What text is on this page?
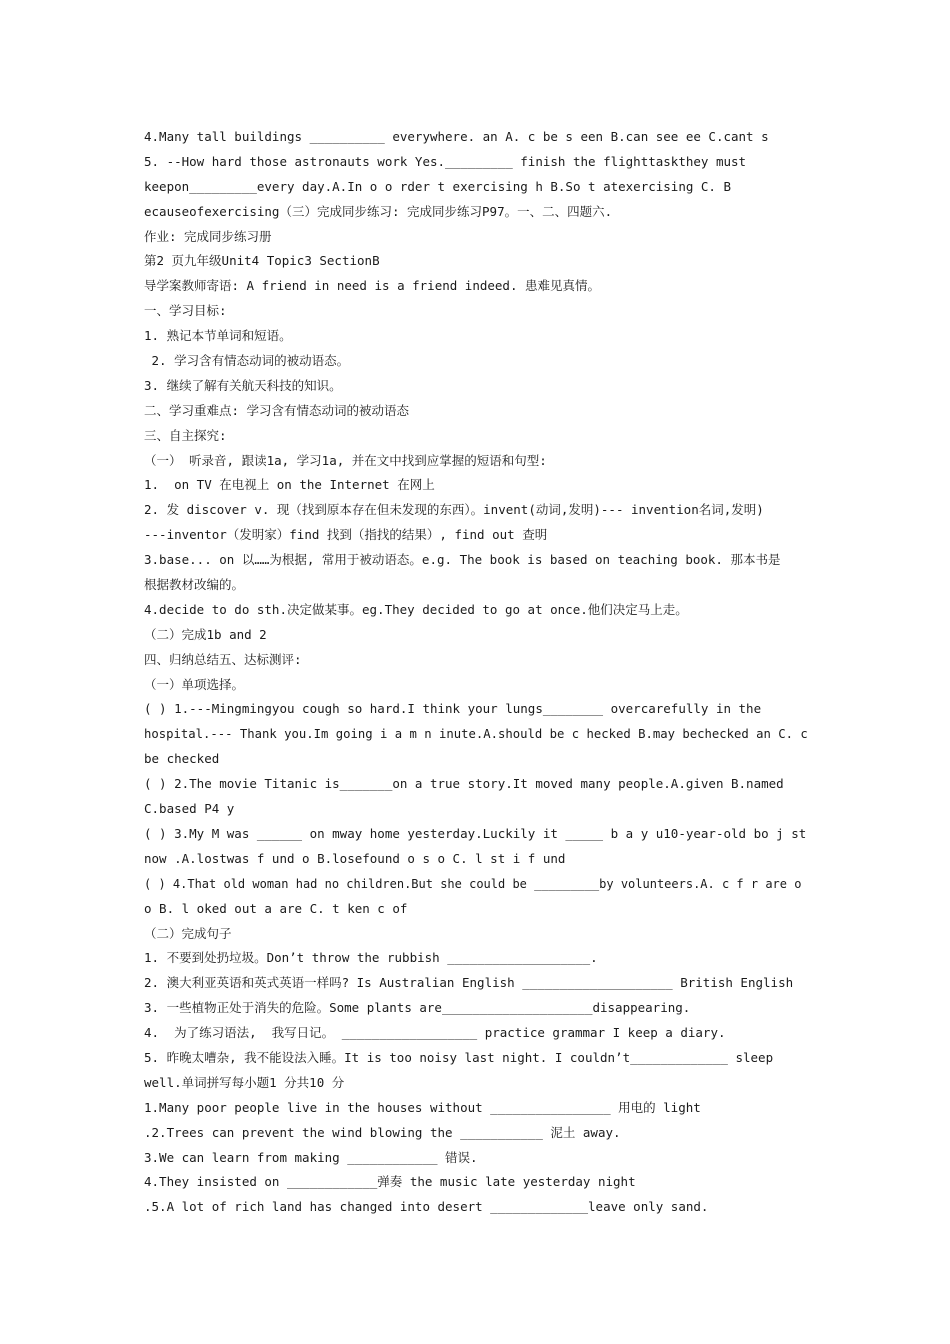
4.Many tall buildings __________ everywhere. an A. c be s een B.can see ee C.cant s
5. --How hard those astronauts work Yes._________ finish the flighttaskthey must
keepon_________every day.A.In o o rder t exercising h B.So t atexercising C. B
ecauseofexercising（三）完成同步练习: 完成同步练习P97。一、二、四题六.
作业: 完成同步练习册
第2 页九年级Unit4 Topic3 SectionB
导学案教师寄语: A friend in need is a friend indeed. 患难见真情。
一、学习目标:
1. 熟记本节单词和短语。
2. 学习含有情态动词的被动语态。
3. 继续了解有关航天科技的知识。
二、学习重难点: 学习含有情态动词的被动语态
三、自主探究:
（一） 听录音, 跟读1a, 学习1a, 并在文中找到应掌握的短语和句型:
1.  on TV 在电视上 on the Internet 在网上
2. 发 discover v. 现（找到原本存在但未发现的东西）。invent(动词,发明)--- invention名词,发明)
---inventor（发明家）find 找到（指找的结果）, find out 查明
3.base... on 以……为根据, 常用于被动语态。e.g. The book is based on teaching book. 那本书是
根据教材改编的。
4.decide to do sth.决定做某事。eg.They decided to go at once.他们决定马上走。
（二）完成1b and 2
四、归纳总结五、达标测评:
（一）单项选择。
( ) 1.---Mingmingyou cough so hard.I think your lungs________ overcarefully in the
hospital.--- Thank you.Im going i a m n inute.A.should be c hecked B.may bechecked an C. c
be checked
( ) 2.The movie Titanic is_______on a true story.It moved many people.A.given B.named
C.based P4 y
( ) 3.My M was ______ on mway home yesterday.Luckily it _____ b a y u10-year-old bo j st
now .A.lostwas f und o B.losefound o s o C. l st i f und
( ) 4.That old woman had no children.But she could be _________by volunteers.A. c f r are o
o B. l oked out a are C. t ken c of
（二）完成句子
1. 不要到处扔垃圾。Don’t throw the rubbish ___________________.
2. 澳大利亚英语和英式英语一样吗? Is Australian English ____________________ British English
3. 一些植物正处于消失的危险。Some plants are____________________disappearing.
4.  为了练习语法,  我写日记。 __________________ practice grammar I keep a diary.
5. 昨晚太嘈杂, 我不能设法入睡。It is too noisy last night. I couldn’t_____________ sleep
well.单词拼写每小题1 分共10 分
1.Many poor people live in the houses without ________________ 用电的 light
.2.Trees can prevent the wind blowing the ___________ 泥土 away.
3.We can learn from making ____________ 错误.
4.They insisted on ____________弹奏 the music late yesterday night
.5.A lot of rich land has changed into desert _____________leave only sand.
